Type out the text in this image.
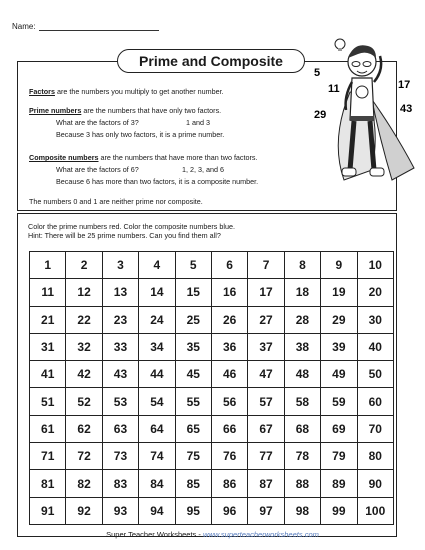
Name:
Prime and Composite
Factors are the numbers you multiply to get another number.
Prime numbers are the numbers that have only two factors.
What are the factors of 3?	1 and 3
Because 3 has only two factors, it is a prime number.
Composite numbers are the numbers that have more than two factors.
What are the factors of 6?	1, 2, 3, and 6
Because 6 has more than two factors, it is a composite number.
The numbers 0 and 1 are neither prime nor composite.
5
11	17
29	43
Color the prime numbers red. Color the composite numbers blue.
Hint: There will be 25 prime numbers. Can you find them all?
1	2	3	4	5	6	7	8	9	10
11	12	13	14	15	16	17	18	19	20
21	22	23	24	25	26	27	28	29	30
31	32	33	34	35	36	37	38	39	40
41	42	43	44	45	46	47	48	49	50
51	52	53	54	55	56	57	58	59	60
61	62	63	64	65	66	67	68	69	70
71	72	73	74	75	76	77	78	79	80
81	82	83	84	85	86	87	88	89	90
91	92	93	94	95	96	97	98	99	100
Super Teacher Worksheets - www.superteacherworksheets.com
